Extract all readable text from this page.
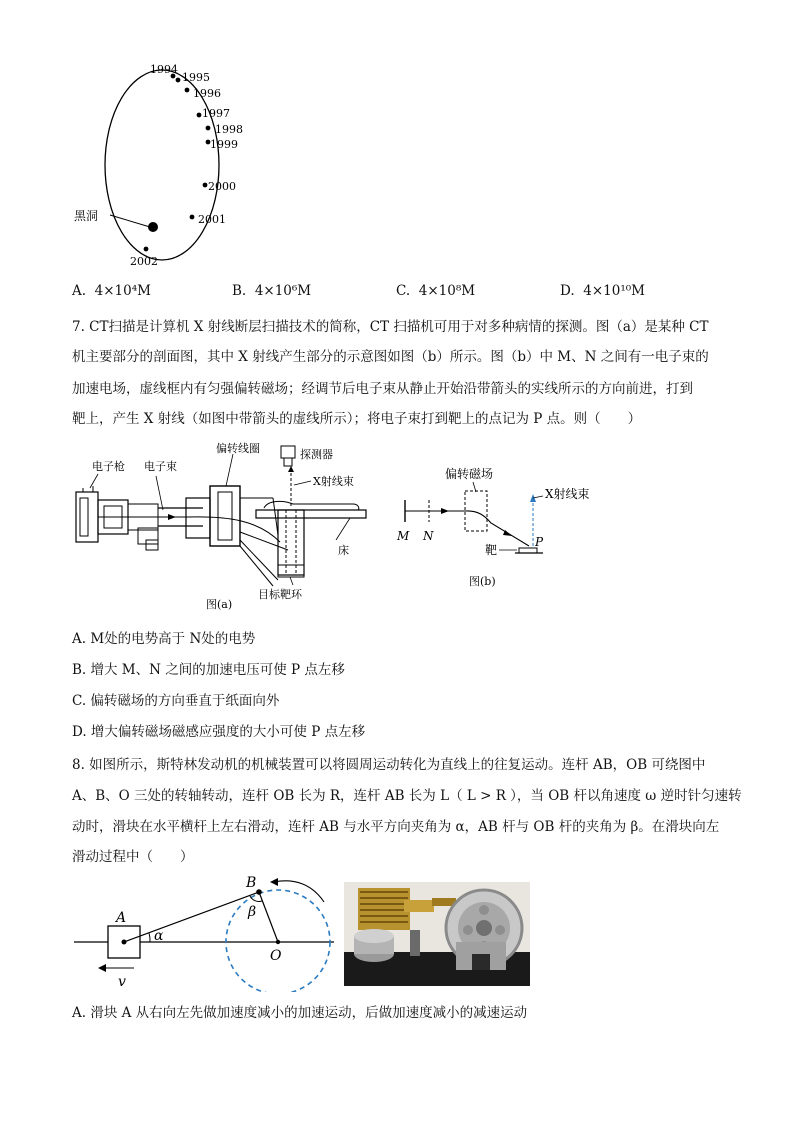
黑洞
1994
1995
1996
1997
1998
1999
2000
2001
2002
A. 4×10⁴M	B. 4×10⁶M	C. 4×10⁸M	D. 4×10¹⁰M
7. CT扫描是计算机 X 射线断层扫描技术的简称，CT 扫描机可用于对多种病情的探测。图（a）是某种 CT
机主要部分的剖面图，其中 X 射线产生部分的示意图如图（b）所示。图（b）中 M、N 之间有一电子束的
加速电场，虚线框内有匀强偏转磁场；经调节后电子束从静止开始沿带箭头的实线所示的方向前进，打到
靶上，产生 X 射线（如图中带箭头的虚线所示）；将电子束打到靶上的点记为 P 点。则（　　）
电子枪 电子束
偏转线圈	探测器
X射线束
床
目标靶环
图(a)
偏转磁场
X射线束
M N
靶
P
图(b)
A. M处的电势高于 N处的电势
B. 增大 M、N 之间的加速电压可使 P 点左移
C. 偏转磁场的方向垂直于纸面向外
D. 增大偏转磁场磁感应强度的大小可使 P 点左移
8. 如图所示，斯特林发动机的机械装置可以将圆周运动转化为直线上的往复运动。连杆 AB，OB 可绕图中
A、B、O 三处的转轴转动，连杆 OB 长为 R，连杆 AB 长为 L（ L > R ），当 OB 杆以角速度 ω 逆时针匀速转
动时，滑块在水平横杆上左右滑动，连杆 AB 与水平方向夹角为 α，AB 杆与 OB 杆的夹角为 β。在滑块向左
滑动过程中（　　）
A
B
O
α
β
v
A. 滑块 A 从右向左先做加速度减小的加速运动，后做加速度减小的减速运动
